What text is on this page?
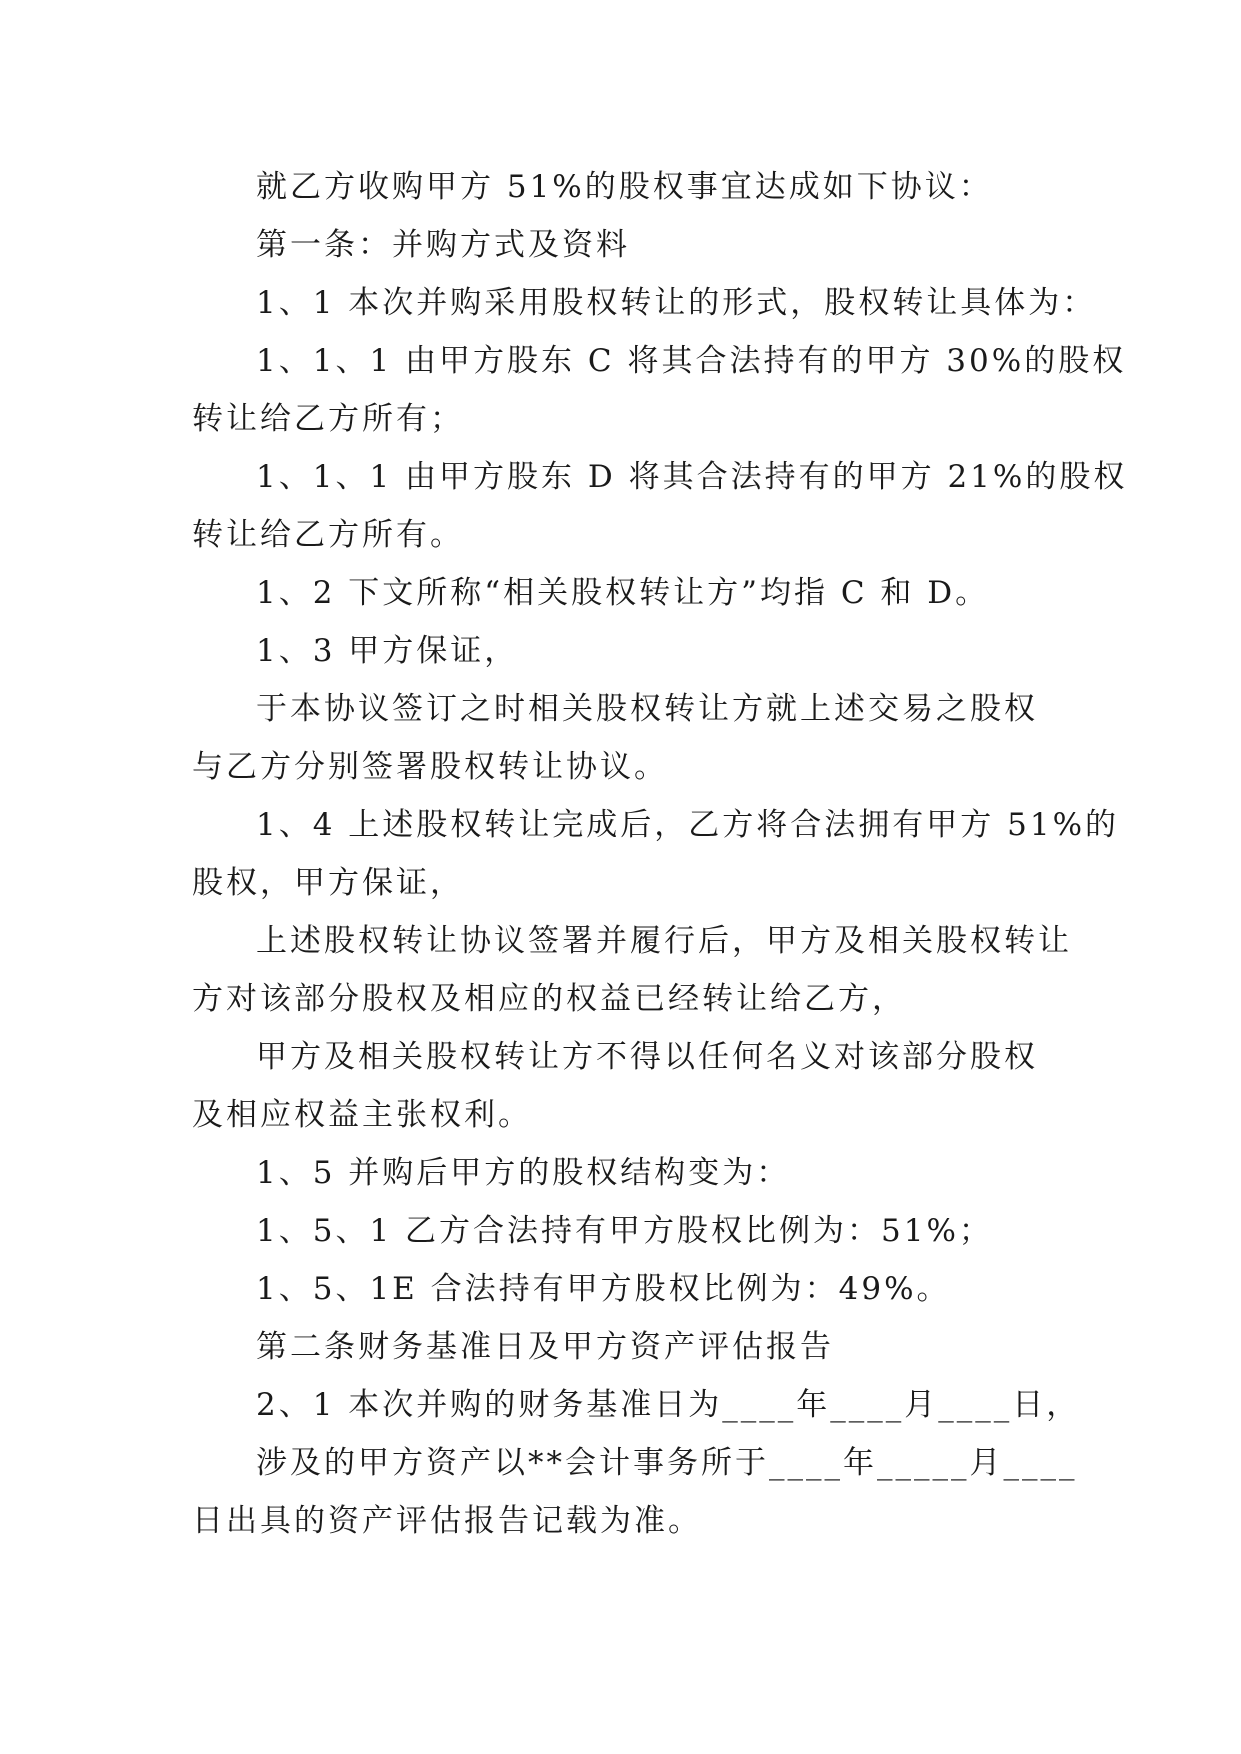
就乙方收购甲方 51%的股权事宜达成如下协议：

第一条：并购方式及资料

1、1 本次并购采用股权转让的形式，股权转让具体为：

1、1、1 由甲方股东 C 将其合法持有的甲方 30%的股权

转让给乙方所有；

1、1、1 由甲方股东 D 将其合法持有的甲方 21%的股权

转让给乙方所有。

1、2 下文所称“相关股权转让方”均指 C 和 D。

1、3 甲方保证，

于本协议签订之时相关股权转让方就上述交易之股权

与乙方分别签署股权转让协议。

1、4 上述股权转让完成后，乙方将合法拥有甲方 51%的

股权，甲方保证，

上述股权转让协议签署并履行后，甲方及相关股权转让

方对该部分股权及相应的权益已经转让给乙方，

甲方及相关股权转让方不得以任何名义对该部分股权

及相应权益主张权利。

1、5 并购后甲方的股权结构变为：

1、5、1 乙方合法持有甲方股权比例为：51%；

1、5、1E 合法持有甲方股权比例为：49%。

第二条财务基准日及甲方资产评估报告

2、1 本次并购的财务基准日为____年____月____日，

涉及的甲方资产以**会计事务所于____年_____月____

日出具的资产评估报告记载为准。
